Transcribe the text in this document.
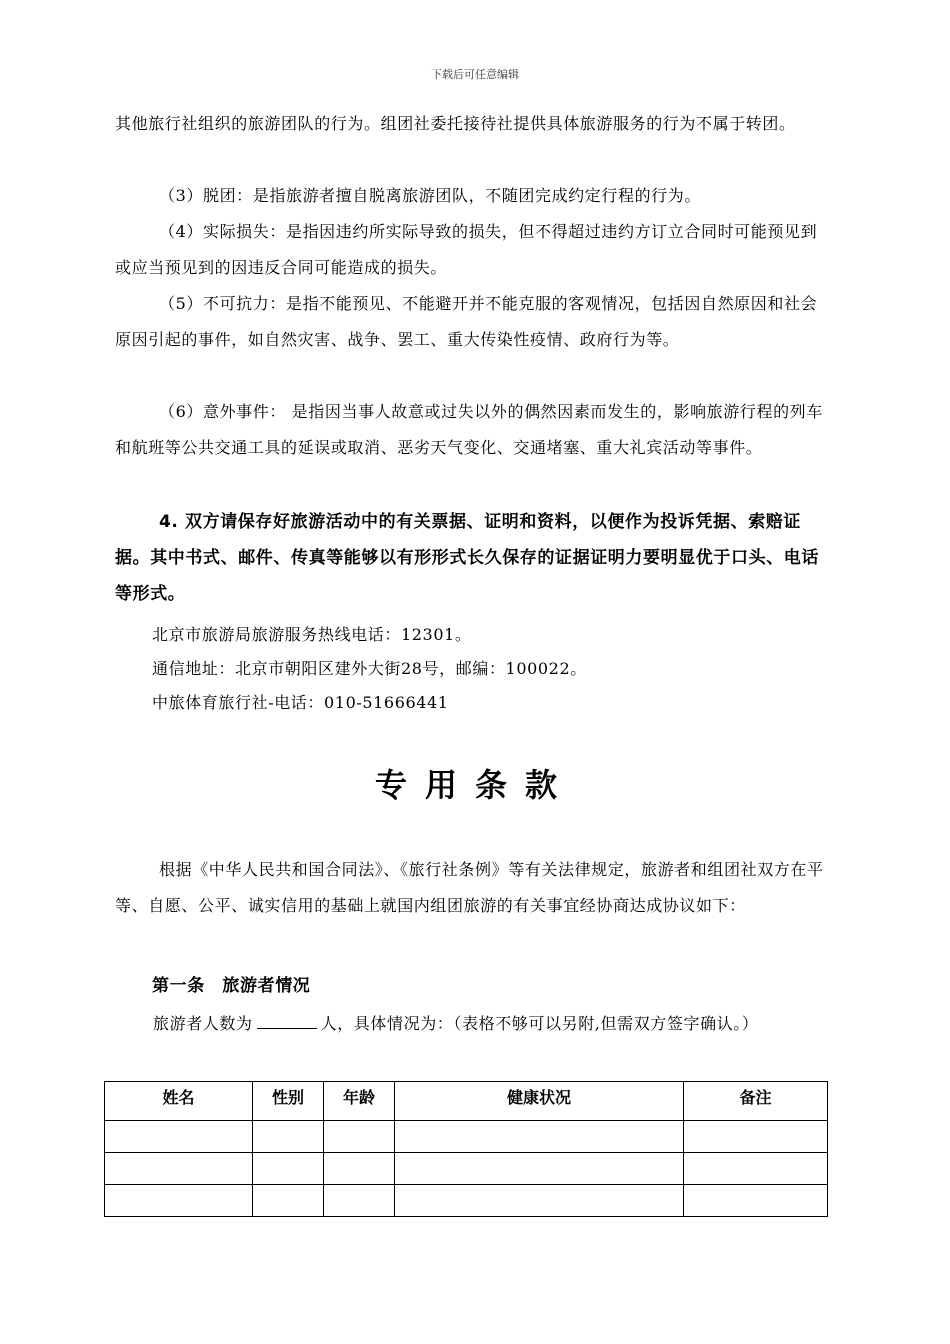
下载后可任意编辑

其他旅行社组织的旅游团队的行为。组团社委托接待社提供具体旅游服务的行为不属于转团。

（3）脱团：是指旅游者擅自脱离旅游团队，不随团完成约定行程的行为。

（4）实际损失：是指因违约所实际导致的损失，但不得超过违约方订立合同时可能预见到或应当预见到的因违反合同可能造成的损失。

（5）不可抗力：是指不能预见、不能避开并不能克服的客观情况，包括因自然原因和社会原因引起的事件，如自然灾害、战争、罢工、重大传染性疫情、政府行为等。

（6）意外事件： 是指因当事人故意或过失以外的偶然因素而发生的，影响旅游行程的列车和航班等公共交通工具的延误或取消、恶劣天气变化、交通堵塞、重大礼宾活动等事件。

4. 双方请保存好旅游活动中的有关票据、证明和资料，以便作为投诉凭据、索赔证据。其中书式、邮件、传真等能够以有形形式长久保存的证据证明力要明显优于口头、电话等形式。

北京市旅游局旅游服务热线电话：12301。
通信地址：北京市朝阳区建外大街28号，邮编：100022。
中旅体育旅行社-电话：010-51666441
专用条款

根据《中华人民共和国合同法》、《旅行社条例》等有关法律规定，旅游者和组团社双方在平等、自愿、公平、诚实信用的基础上就国内组团旅游的有关事宜经协商达成协议如下：

第一条　旅游者情况

旅游者人数为	人，具体情况为：（表格不够可以另附,但需双方签字确认。）

姓名	性别	年龄	健康状况	备注
